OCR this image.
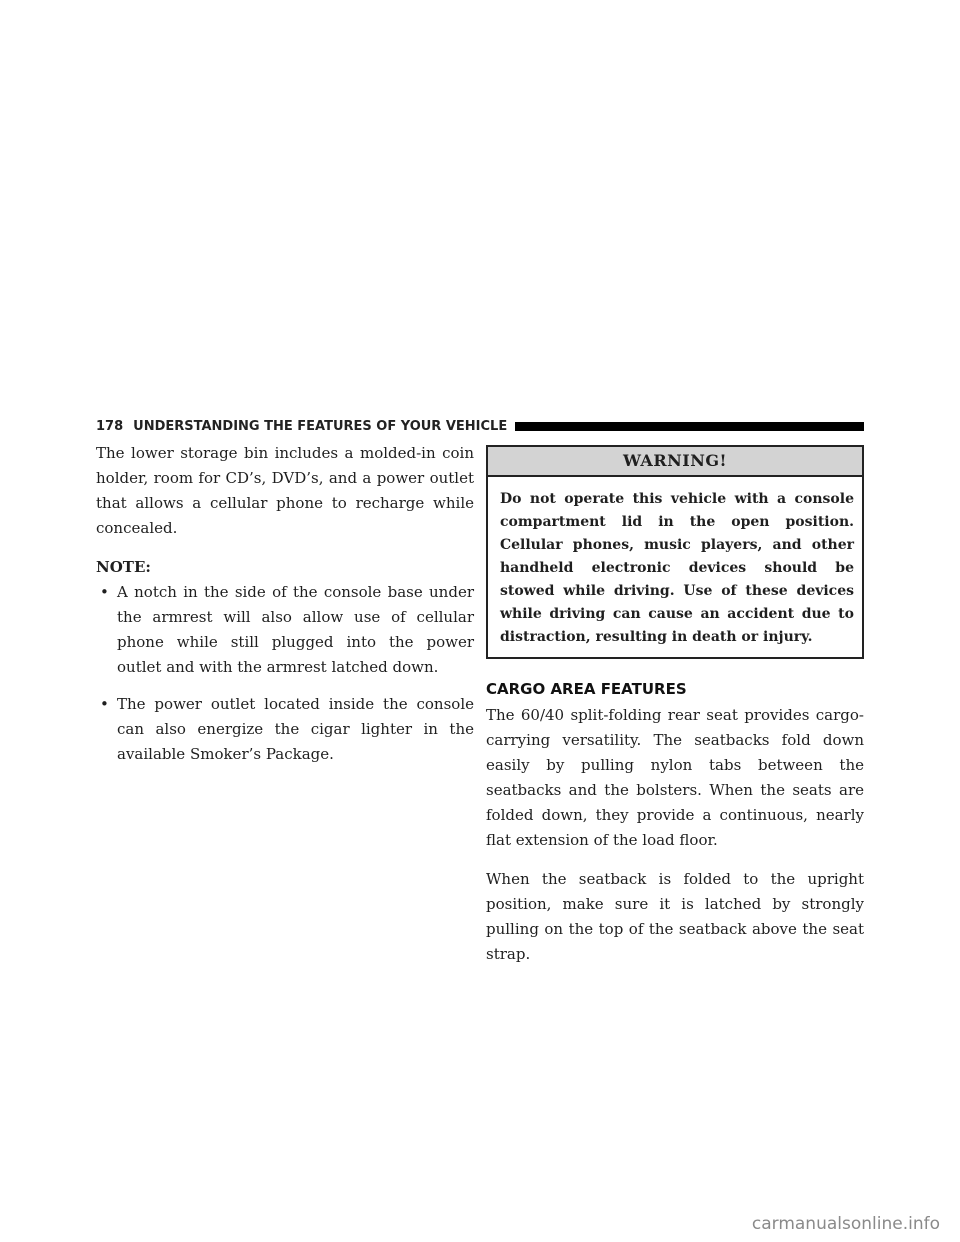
178 UNDERSTANDING THE FEATURES OF YOUR VEHICLE

The lower storage bin includes a molded-in coin holder, room for CD’s, DVD’s, and a power outlet that allows a cellular phone to recharge while concealed.

NOTE:
• A notch in the side of the console base under the armrest will also allow use of cellular phone while still plugged into the power outlet and with the armrest latched down.
• The power outlet located inside the console can also energize the cigar lighter in the available Smoker’s Package.
WARNING!
Do not operate this vehicle with a console compartment lid in the open position. Cellular phones, music players, and other handheld electronic devices should be stowed while driving. Use of these devices while driving can cause an accident due to distraction, resulting in death or injury.
CARGO AREA FEATURES

The 60/40 split-folding rear seat provides cargo-carrying versatility. The seatbacks fold down easily by pulling nylon tabs between the seatbacks and the bolsters. When the seats are folded down, they provide a continuous, nearly flat extension of the load floor.

When the seatback is folded to the upright position, make sure it is latched by strongly pulling on the top of the seatback above the seat strap.

carmanualsonline.info
